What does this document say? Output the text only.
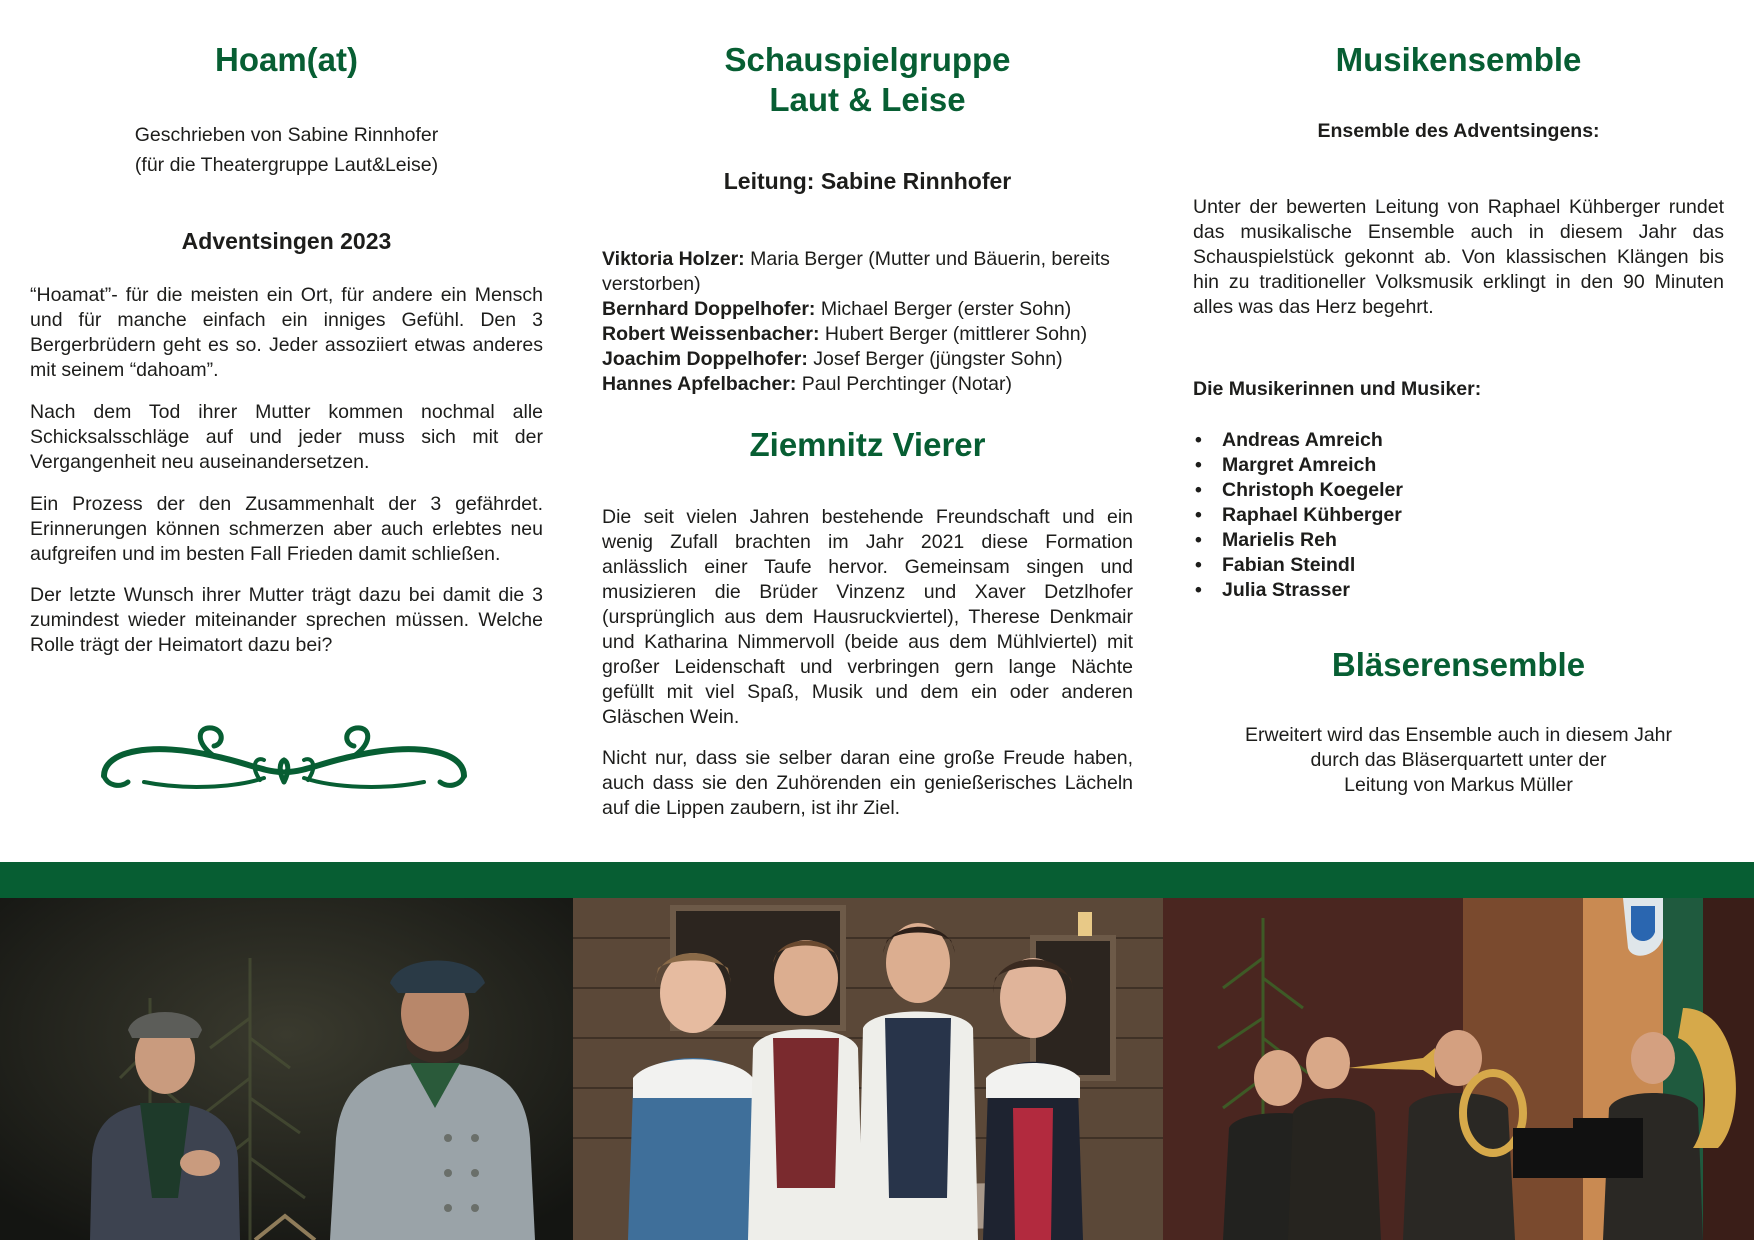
Hoam(at)
Geschrieben von Sabine Rinnhofer
(für die Theatergruppe Laut&Leise)
Adventsingen 2023

“Hoamat”- für die meisten ein Ort, für andere ein Mensch und für manche einfach ein inniges Gefühl. Den 3 Bergerbrüdern geht es so. Jeder assoziiert etwas anderes mit seinem “dahoam”.

Nach dem Tod ihrer Mutter kommen nochmal alle Schicksalsschläge auf und jeder muss sich mit der Vergangenheit neu auseinandersetzen.

Ein Prozess der den Zusammenhalt der 3 gefährdet. Erinnerungen können schmerzen aber auch erlebtes neu aufgreifen und im besten Fall Frieden damit schließen.

Der letzte Wunsch ihrer Mutter trägt dazu bei damit die 3 zumindest wieder miteinander sprechen müssen. Welche Rolle trägt der Heimatort dazu bei?

Schauspielgruppe
Laut & Leise
Leitung: Sabine Rinnhofer
Viktoria Holzer: Maria Berger (Mutter und Bäuerin, bereits verstorben)
Bernhard Doppelhofer: Michael Berger (erster Sohn)
Robert Weissenbacher: Hubert Berger (mittlerer Sohn)
Joachim Doppelhofer: Josef Berger (jüngster Sohn)
Hannes Apfelbacher: Paul Perchtinger (Notar)
Ziemnitz Vierer

Die seit vielen Jahren bestehende Freundschaft und ein wenig Zufall brachten im Jahr 2021 diese Formation anlässlich einer Taufe hervor. Gemeinsam singen und musizieren die Brüder Vinzenz und Xaver Detzlhofer (ursprünglich aus dem Hausruckviertel), Therese Denkmair und Katharina Nimmervoll (beide aus dem Mühlviertel) mit großer Leidenschaft und verbringen gern lange Nächte gefüllt mit viel Spaß, Musik und dem ein oder anderen Gläschen Wein.

Nicht nur, dass sie selber daran eine große Freude haben, auch dass sie den Zuhörenden ein genießerisches Lächeln auf die Lippen zaubern, ist ihr Ziel.

Musikensemble
Ensemble des Adventsingens:

Unter der bewerten Leitung von Raphael Kühberger rundet das musikalische Ensemble auch in diesem Jahr das Schauspielstück gekonnt ab. Von klassischen Klängen bis hin zu traditioneller Volksmusik erklingt in den 90 Minuten alles was das Herz begehrt.

Die Musikerinnen und Musiker:
• Andreas Amreich
• Margret Amreich
• Christoph Koegeler
• Raphael Kühberger
• Marielis Reh
• Fabian Steindl
• Julia Strasser
Bläserensemble
Erweitert wird das Ensemble auch in diesem Jahr
durch das Bläserquartett unter der
Leitung von Markus Müller
